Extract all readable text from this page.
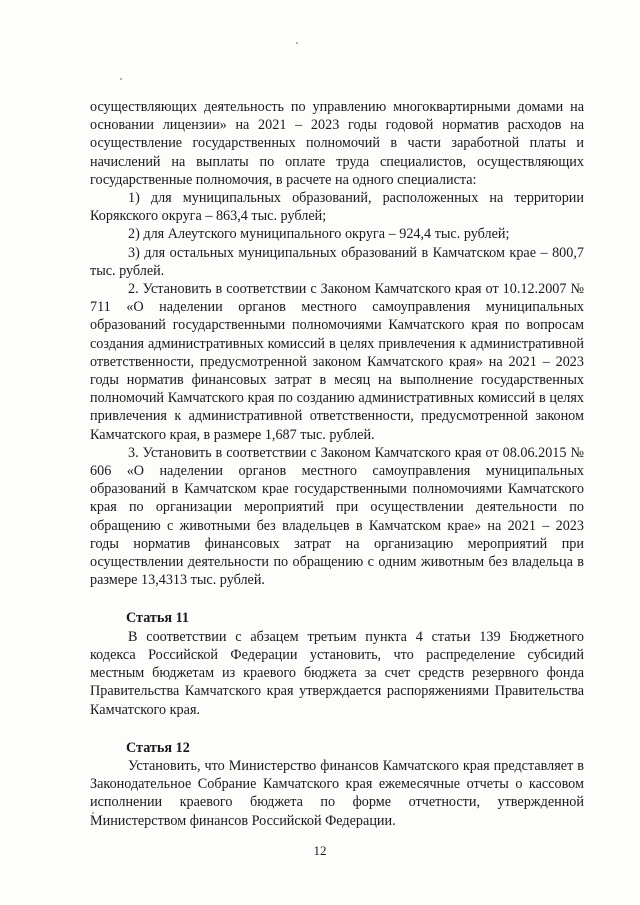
осуществляющих деятельность по управлению многоквартирными домами на основании лицензии» на 2021 – 2023 годы годовой норматив расходов на осуществление государственных полномочий в части заработной платы и начислений на выплаты по оплате труда специалистов, осуществляющих государственные полномочия, в расчете на одного специалиста:

1) для муниципальных образований, расположенных на территории Корякского округа – 863,4 тыс. рублей;

2) для Алеутского муниципального округа – 924,4 тыс. рублей;

3) для остальных муниципальных образований в Камчатском крае – 800,7 тыс. рублей.

2. Установить в соответствии с Законом Камчатского края от 10.12.2007 № 711 «О наделении органов местного самоуправления муниципальных образований государственными полномочиями Камчатского края по вопросам создания административных комиссий в целях привлечения к административной ответственности, предусмотренной законом Камчатского края» на 2021 – 2023 годы норматив финансовых затрат в месяц на выполнение государственных полномочий Камчатского края по созданию административных комиссий в целях привлечения к административной ответственности, предусмотренной законом Камчатского края, в размере 1,687 тыс. рублей.

3. Установить в соответствии с Законом Камчатского края от 08.06.2015 № 606 «О наделении органов местного самоуправления муниципальных образований в Камчатском крае государственными полномочиями Камчатского края по организации мероприятий при осуществлении деятельности по обращению с животными без владельцев в Камчатском крае» на 2021 – 2023 годы норматив финансовых затрат на организацию мероприятий при осуществлении деятельности по обращению с одним животным без владельца в размере 13,4313 тыс. рублей.

Статья 11

В соответствии с абзацем третьим пункта 4 статьи 139 Бюджетного кодекса Российской Федерации установить, что распределение субсидий местным бюджетам из краевого бюджета за счет средств резервного фонда Правительства Камчатского края утверждается распоряжениями Правительства Камчатского края.

Статья 12

Установить, что Министерство финансов Камчатского края представляет в Законодательное Собрание Камчатского края ежемесячные отчеты о кассовом исполнении краевого бюджета по форме отчетности, утвержденной Министерством финансов Российской Федерации.

12
